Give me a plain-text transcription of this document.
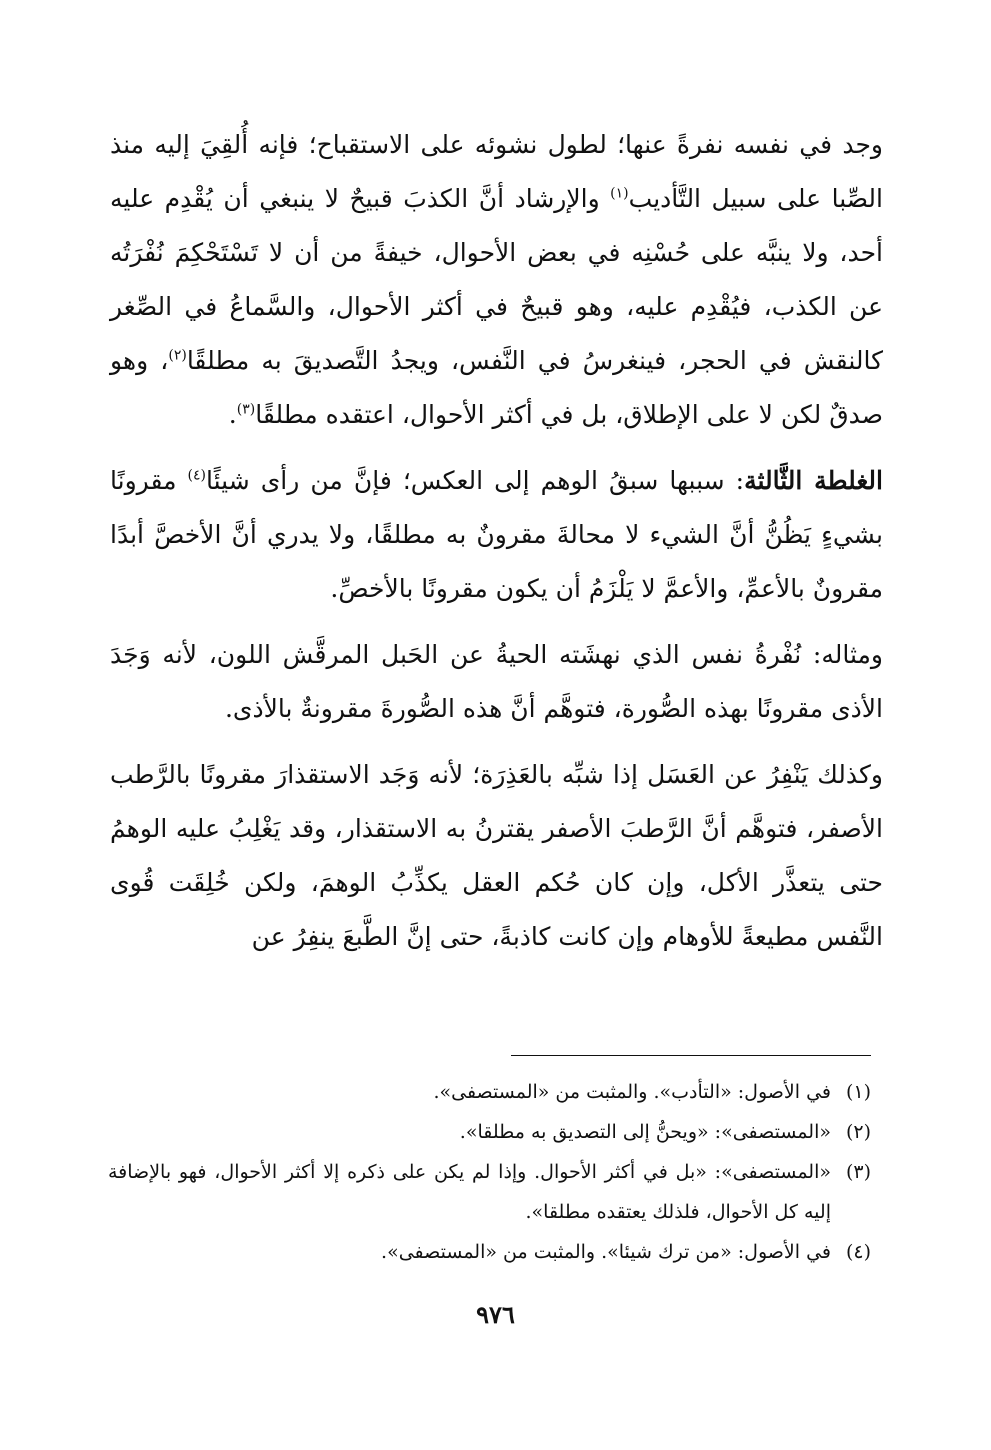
وجد في نفسه نفرةً عنها؛ لطول نشوئه على الاستقباح؛ فإنه أُلقِيَ إليه منذ الصِّبا على سبيل التَّأديب$^{(١)}$ والإرشاد أنَّ الكذبَ قبيحٌ لا ينبغي أن يُقْدِم عليه أحد، ولا ينبَّه على حُسْنِه في بعض الأحوال، خيفةً من أن لا تَسْتَحْكِمَ نُفْرَتُه عن الكذب، فيُقْدِم عليه، وهو قبيحٌ في أكثر الأحوال، والسَّماعُ في الصِّغر كالنقش في الحجر، فينغرسُ في النَّفس، ويجدُ التَّصديقَ به مطلقًا$^{(٢)}$، وهو صدقٌ لكن لا على الإطلاق، بل في أكثر الأحوال، اعتقده مطلقًا$^{(٣)}$.

الغلطة الثَّالثة: سببها سبقُ الوهم إلى العكس؛ فإنَّ من رأى شيئًا$^{(٤)}$ مقرونًا بشيءٍ يَظُنُّ أنَّ الشيء لا محالةَ مقرونٌ به مطلقًا، ولا يدري أنَّ الأخصَّ أبدًا مقرونٌ بالأعمِّ، والأعمَّ لا يَلْزَمُ أن يكون مقرونًا بالأخصِّ.

ومثاله: نُفْرةُ نفس الذي نهشَته الحيةُ عن الحَبل المرقَّش اللون، لأنه وَجَدَ الأذى مقرونًا بهذه الصُّورة، فتوهَّم أنَّ هذه الصُّورةَ مقرونةٌ بالأذى.

وكذلك يَنْفِرُ عن العَسَل إذا شبِّه بالعَذِرَة؛ لأنه وَجَد الاستقذارَ مقرونًا بالرَّطب الأصفر، فتوهَّم أنَّ الرَّطبَ الأصفر يقترنُ به الاستقذار، وقد يَغْلِبُ عليه الوهمُ حتى يتعذَّر الأكل، وإن كان حُكم العقل يكذِّبُ الوهمَ، ولكن خُلِقَت قُوى النَّفس مطيعةً للأوهام وإن كانت كاذبةً، حتى إنَّ الطَّبعَ ينفِرُ عن

(١)
في الأصول: «التأدب». والمثبت من «المستصفى».
(٢)
«المستصفى»: «ويحنُّ إلى التصديق به مطلقا».
(٣)
«المستصفى»: «بل في أكثر الأحوال. وإذا لم يكن على ذكره إلا أكثر الأحوال، فهو بالإضافة إليه كل الأحوال، فلذلك يعتقده مطلقا».
(٤)
في الأصول: «من ترك شيئا». والمثبت من «المستصفى».
٩٧٦
